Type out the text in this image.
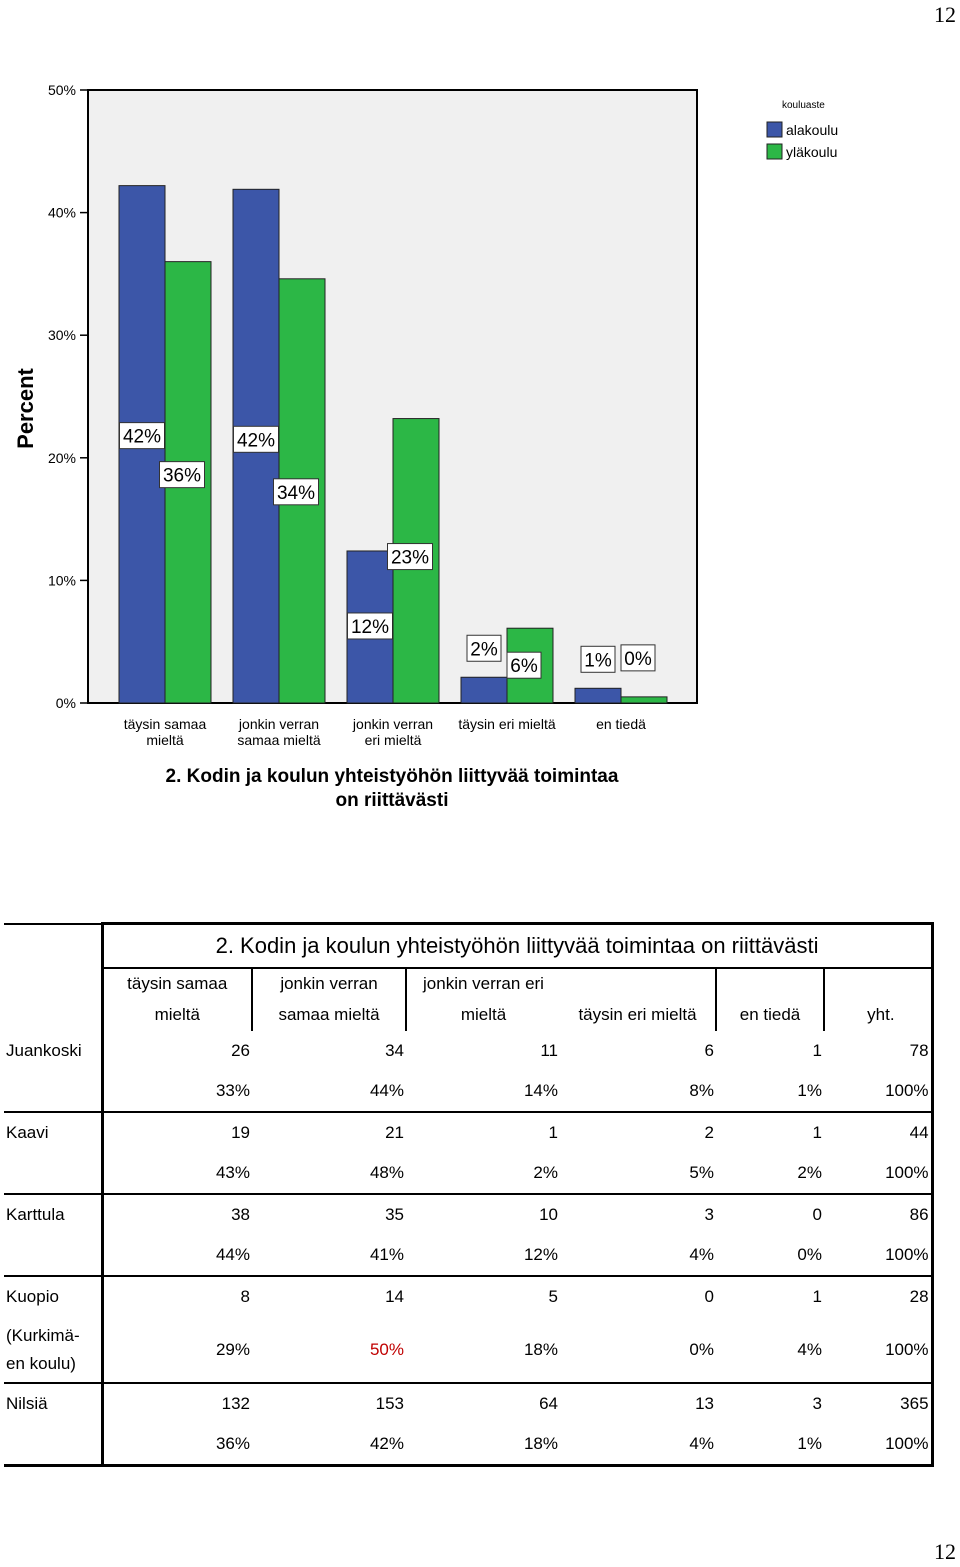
12
0%
10%
20%
30%
40%
50%
Percent	42%
36%
täysin samaa
mieltä
42%
34%
jonkin verran
samaa mieltä
12%
23%
jonkin verran
eri mieltä
2%
6%
täysin eri mieltä
1% 0%
en tiedä
kouluaste
alakoulu
yläkoulu
2. Kodin ja koulun yhteistyöhön liittyvää toimintaa
on riittävästi
	2. Kodin ja koulun yhteistyöhön liittyvää toimintaa on riittävästi					
	täysin samaa	jonkin verran	jonkin verran eri			
	mieltä	samaa mieltä	mieltä	täysin eri mieltä	en tiedä	yht.
Juankoski	26	34	11	6	1	78
	33%	44%	14%	8%	1%	100%
Kaavi	19	21	1	2	1	44
	43%	48%	2%	5%	2%	100%
Karttula	38	35	10	3	0	86
	44%	41%	12%	4%	0%	100%
Kuopio	8	14	5	0	1	28

(Kurkimä-
en koulu)	29%	50%	18%	0%	4%	100%
Nilsiä	132	153	64	13	3	365
	36%	42%	18%	4%	1%	100%
12
